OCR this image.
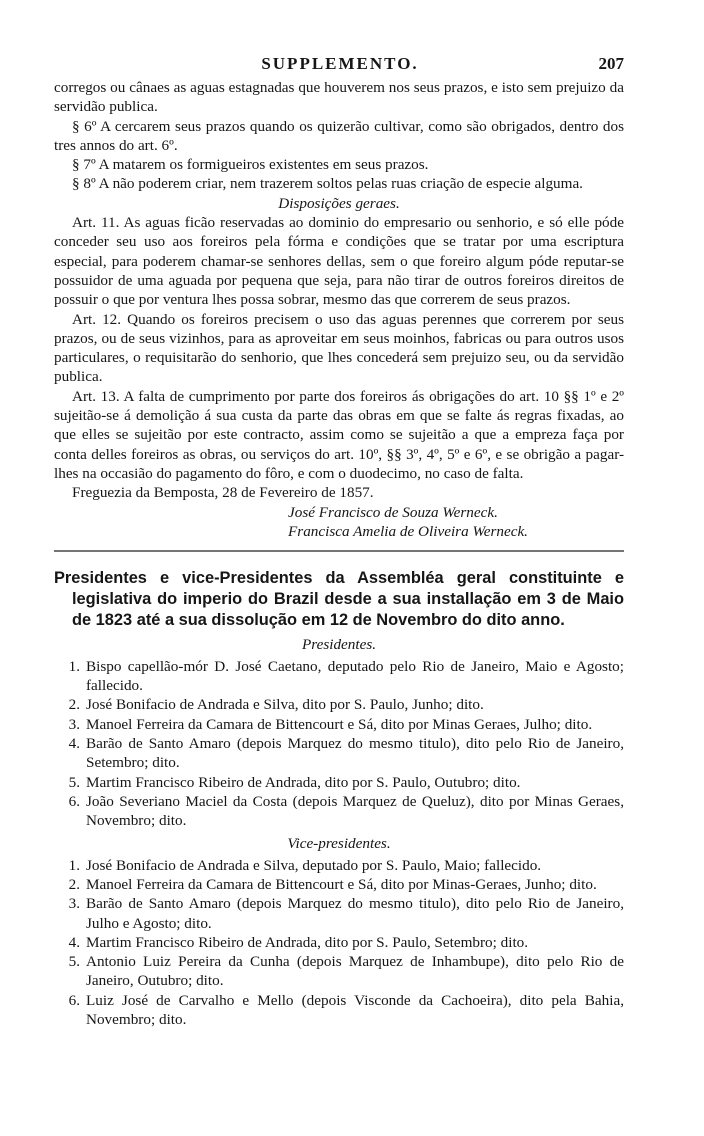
SUPPLEMENTO.	207

corregos ou cânaes as aguas estagnadas que houverem nos seus prazos, e isto sem prejuizo da servidão publica.

§ 6º A cercarem seus prazos quando os quizerão cultivar, como são obrigados, dentro dos tres annos do art. 6º.

§ 7º A matarem os formigueiros existentes em seus prazos.

§ 8º A não poderem criar, nem trazerem soltos pelas ruas criação de especie alguma.

Disposições geraes.

Art. 11. As aguas ficão reservadas ao dominio do empresario ou senhorio, e só elle póde conceder seu uso aos foreiros pela fórma e condições que se tratar por uma escriptura especial, para poderem chamar-se senhores dellas, sem o que foreiro algum póde reputar-se possuidor de uma aguada por pequena que seja, para não tirar de outros foreiros direitos de possuir o que por ventura lhes possa sobrar, mesmo das que correrem de seus prazos.

Art. 12. Quando os foreiros precisem o uso das aguas perennes que correrem por seus prazos, ou de seus vizinhos, para as aproveitar em seus moinhos, fabricas ou para outros usos particulares, o requisitarão do senhorio, que lhes concederá sem prejuizo seu, ou da servidão publica.

Art. 13. A falta de cumprimento por parte dos foreiros ás obrigações do art. 10 §§ 1º e 2º sujeitão-se á demolição á sua custa da parte das obras em que se falte ás regras fixadas, ao que elles se sujeitão por este contracto, assim como se sujeitão a que a empreza faça por conta delles foreiros as obras, ou serviços do art. 10º, §§ 3º, 4º, 5º e 6º, e se obrigão a pagar-lhes na occasião do pagamento do fôro, e com o duodecimo, no caso de falta.

Freguezia da Bemposta, 28 de Fevereiro de 1857.

José Francisco de Souza Werneck.

Francisca Amelia de Oliveira Werneck.

Presidentes e vice-Presidentes da Assembléa geral constituinte e legislativa do imperio do Brazil desde a sua installação em 3 de Maio de 1823 até a sua dissolução em 12 de Novembro do dito anno.

Presidentes.

1. Bispo capellão-mór D. José Caetano, deputado pelo Rio de Janeiro, Maio e Agosto; fallecido.
2. José Bonifacio de Andrada e Silva, dito por S. Paulo, Junho; dito.
3. Manoel Ferreira da Camara de Bittencourt e Sá, dito por Minas Geraes, Julho; dito.
4. Barão de Santo Amaro (depois Marquez do mesmo titulo), dito pelo Rio de Janeiro, Setembro; dito.
5. Martim Francisco Ribeiro de Andrada, dito por S. Paulo, Outubro; dito.
6. João Severiano Maciel da Costa (depois Marquez de Queluz), dito por Minas Geraes, Novembro; dito.

Vice-presidentes.

1. José Bonifacio de Andrada e Silva, deputado por S. Paulo, Maio; fallecido.
2. Manoel Ferreira da Camara de Bittencourt e Sá, dito por Minas-Geraes, Junho; dito.
3. Barão de Santo Amaro (depois Marquez do mesmo titulo), dito pelo Rio de Janeiro, Julho e Agosto; dito.
4. Martim Francisco Ribeiro de Andrada, dito por S. Paulo, Setembro; dito.
5. Antonio Luiz Pereira da Cunha (depois Marquez de Inhambupe), dito pelo Rio de Janeiro, Outubro; dito.
6. Luiz José de Carvalho e Mello (depois Visconde da Cachoeira), dito pela Bahia, Novembro; dito.
